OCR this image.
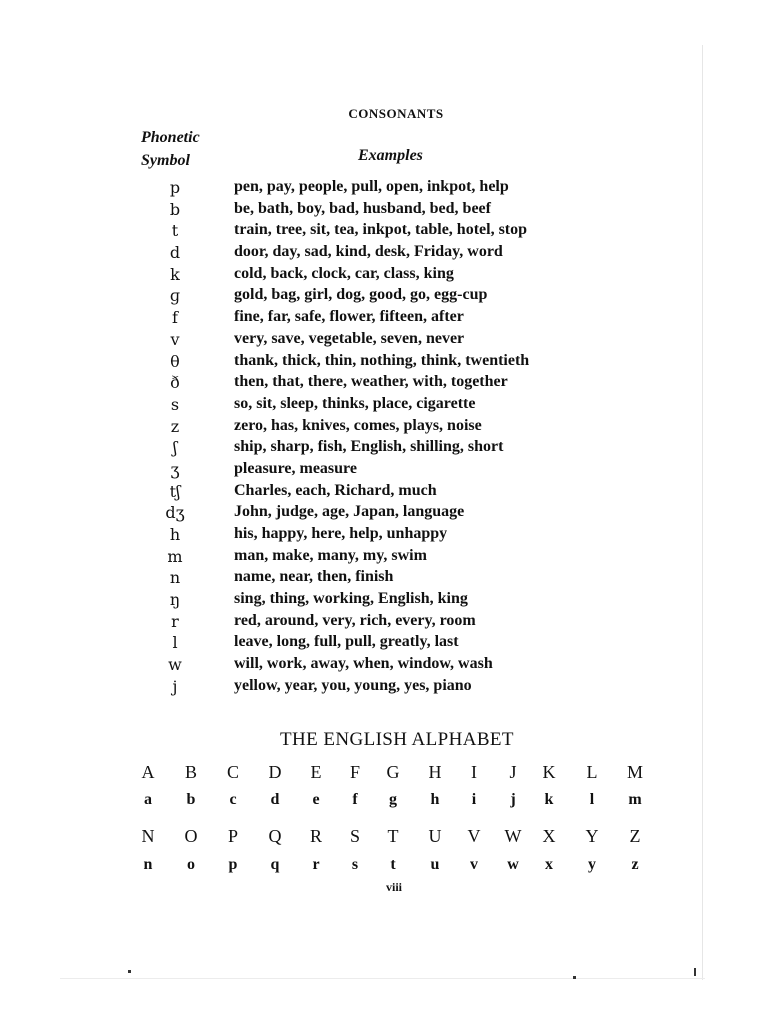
CONSONANTS
Phonetic
Symbol	Examples
p	pen, pay, people, pull, open, inkpot, help
b	be, bath, boy, bad, husband, bed, beef
t	train, tree, sit, tea, inkpot, table, hotel, stop
d	door, day, sad, kind, desk, Friday, word
k	cold, back, clock, car, class, king
ɡ	gold, bag, girl, dog, good, go, egg-cup
f	fine, far, safe, flower, fifteen, after
v	very, save, vegetable, seven, never
θ	thank, thick, thin, nothing, think, twentieth
ð	then, that, there, weather, with, together
s	so, sit, sleep, thinks, place, cigarette
z	zero, has, knives, comes, plays, noise
ʃ	ship, sharp, fish, English, shilling, short
ʒ	pleasure, measure
tʃ	Charles, each, Richard, much
dʒ	John, judge, age, Japan, language
h	his, happy, here, help, unhappy
m	man, make, many, my, swim
n	name, near, then, finish
ŋ	sing, thing, working, English, king
r	red, around, very, rich, every, room
l	leave, long, full, pull, greatly, last
w	will, work, away, when, window, wash
j	yellow, year, you, young, yes, piano
THE ENGLISH ALPHABET
A	B	C	D	E	F	G	H	I	J	K	L	M
a	b	c	d	e	f	g	h	i	j	k	l	m
N	O	P	Q	R	S	T	U	V	W	X	Y	Z
n	o	p	q	r	s	t	u	v	w	x	y	z
viii
